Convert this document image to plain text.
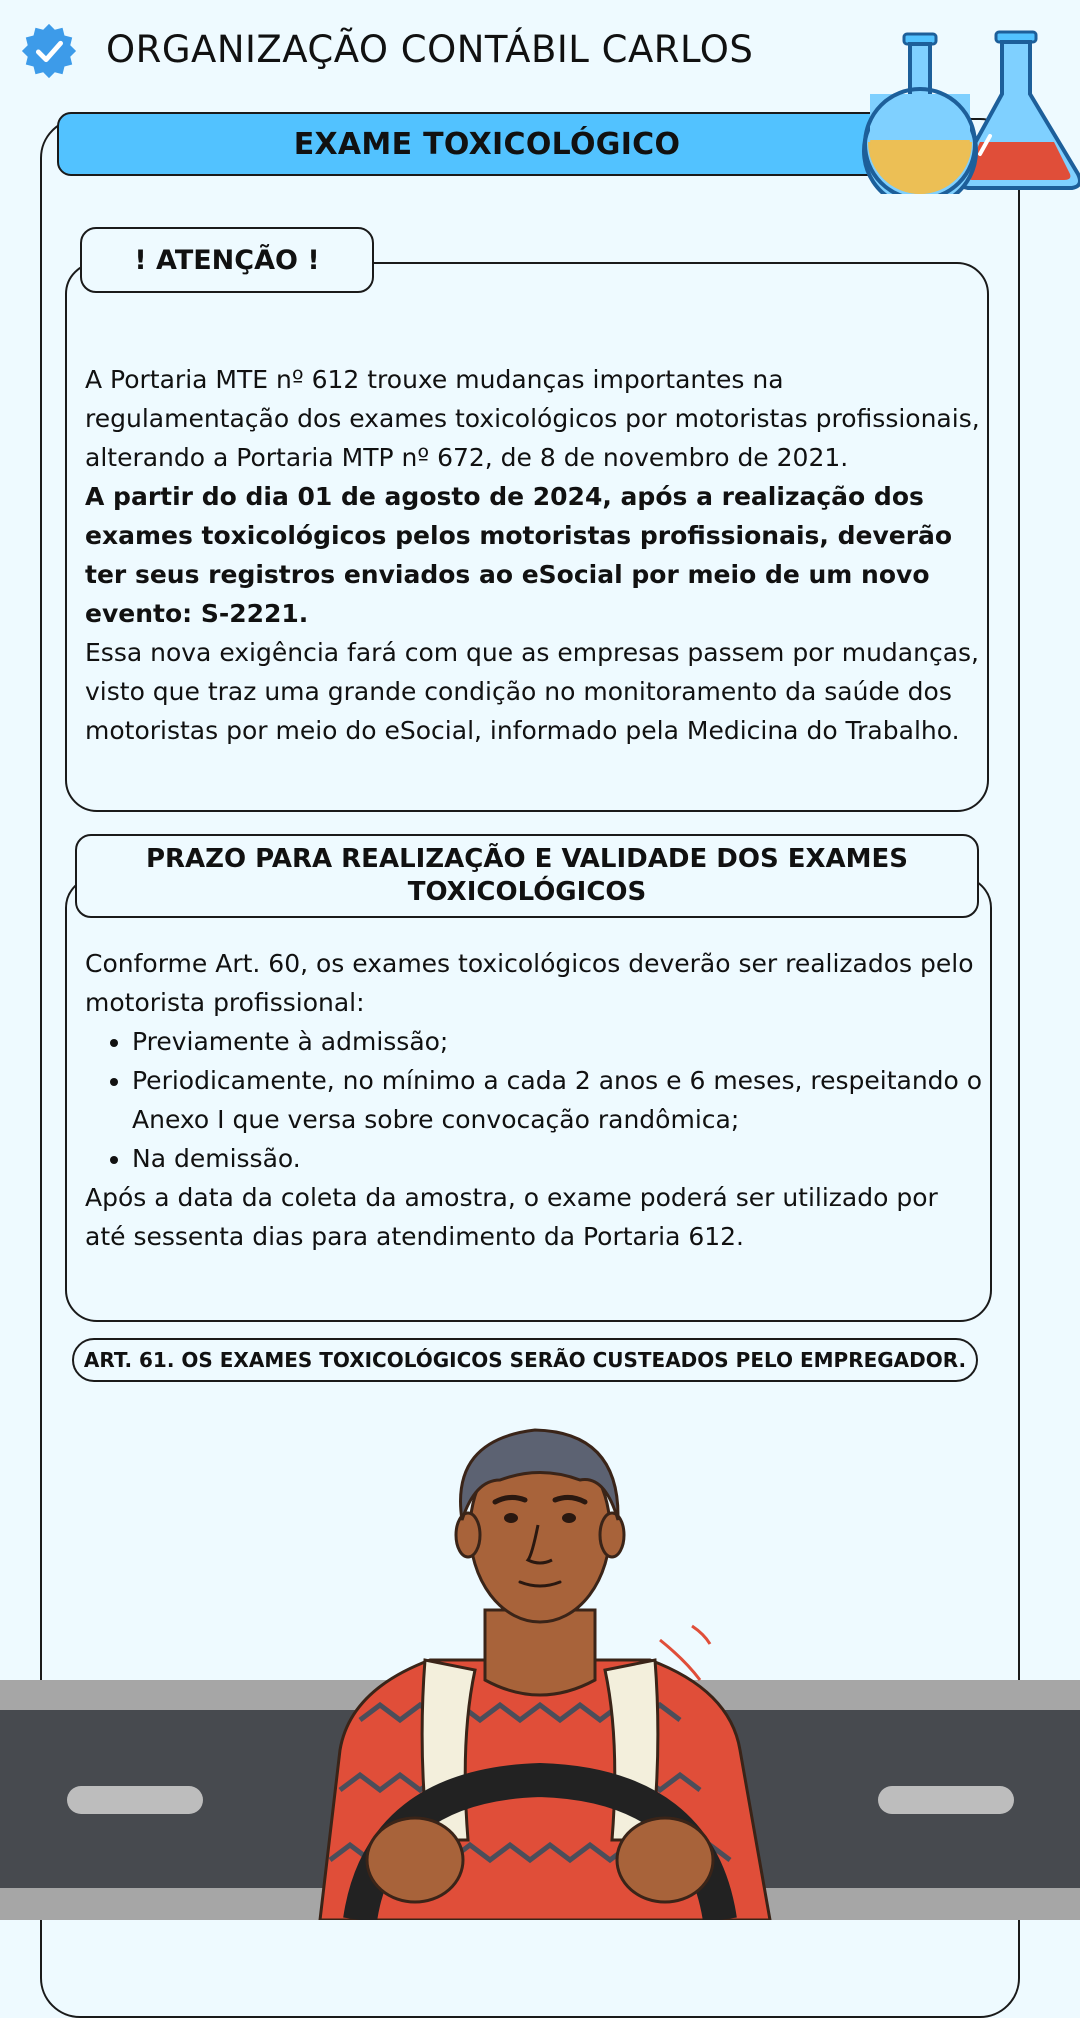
ORGANIZAÇÃO CONTÁBIL CARLOS
EXAME TOXICOLÓGICO
! ATENÇÃO !
A Portaria MTE nº 612 trouxe mudanças importantes na regulamentação dos exames toxicológicos por motoristas profissionais, alterando a Portaria MTP nº 672, de 8 de novembro de 2021.
A partir do dia 01 de agosto de 2024, após a realização dos exames toxicológicos pelos motoristas profissionais, deverão ter seus registros enviados ao eSocial por meio de um novo evento: S-2221.
Essa nova exigência fará com que as empresas passem por mudanças, visto que traz uma grande condição no monitoramento da saúde dos motoristas por meio do eSocial, informado pela Medicina do Trabalho.
PRAZO PARA REALIZAÇÃO E VALIDADE DOS EXAMES TOXICOLÓGICOS

Conforme Art. 60, os exames toxicológicos deverão ser realizados pelo motorista profissional:

• Previamente à admissão;
• Periodicamente, no mínimo a cada 2 anos e 6 meses, respeitando o Anexo I que versa sobre convocação randômica;
• Na demissão.

Após a data da coleta da amostra, o exame poderá ser utilizado por até sessenta dias para atendimento da Portaria 612.

ART. 61. OS EXAMES TOXICOLÓGICOS SERÃO CUSTEADOS PELO EMPREGADOR.
